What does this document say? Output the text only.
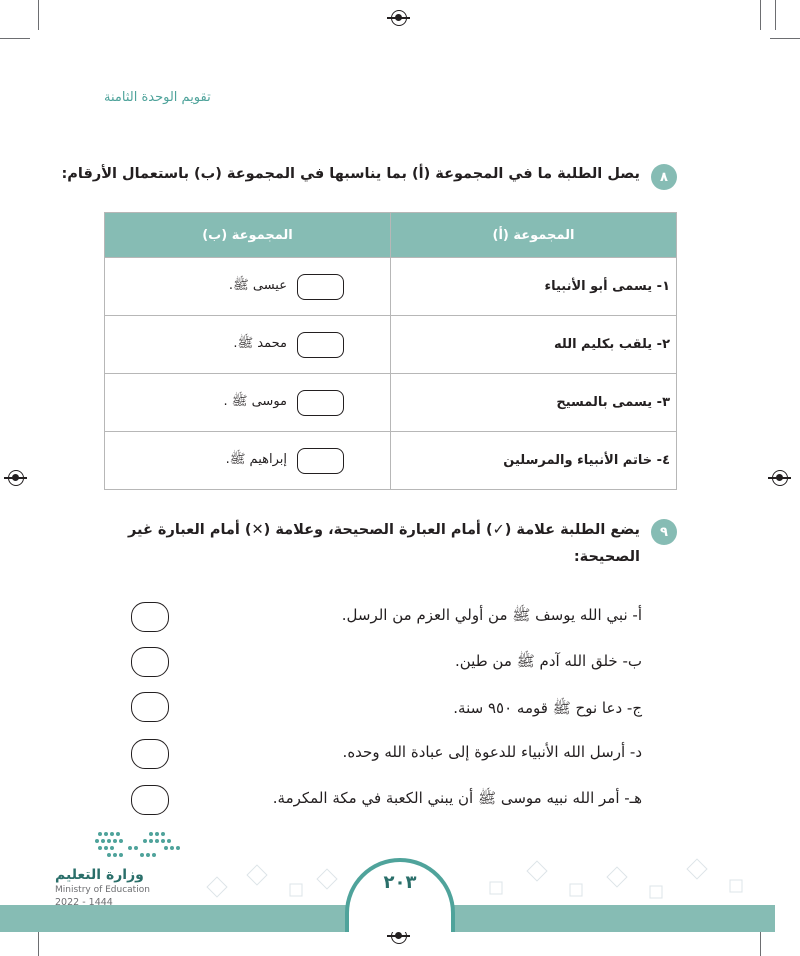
تقويم الوحدة الثامنة
٨
يصل الطلبة ما في المجموعة (أ) بما يناسبها في المجموعة (ب) باستعمال الأرقام:
المجموعة (أ)	المجموعة (ب)
١- يسمى أبو الأنبياء	عيسى ﷺ.

٢- يلقب بكليم الله	محمد ﷺ.

٣- يسمى بالمسيح	موسى ﷺ .

٤- خاتم الأنبياء والمرسلين	إبراهيم ﷺ.
٩
يضع الطلبة علامة (✓) أمام العبارة الصحيحة، وعلامة (✕) أمام العبارة غير
الصحيحة:
أ- نبي الله يوسف ﷺ من أولي العزم من الرسل.
ب- خلق الله آدم ﷺ من طين.
ج- دعا نوح ﷺ قومه ٩٥٠ سنة.
د- أرسل الله الأنبياء للدعوة إلى عبادة الله وحده.
هـ- أمر الله نبيه موسى ﷺ أن يبني الكعبة في مكة المكرمة.
٢٠٣
وزارة التعليم
Ministry of Education
2022 - 1444
